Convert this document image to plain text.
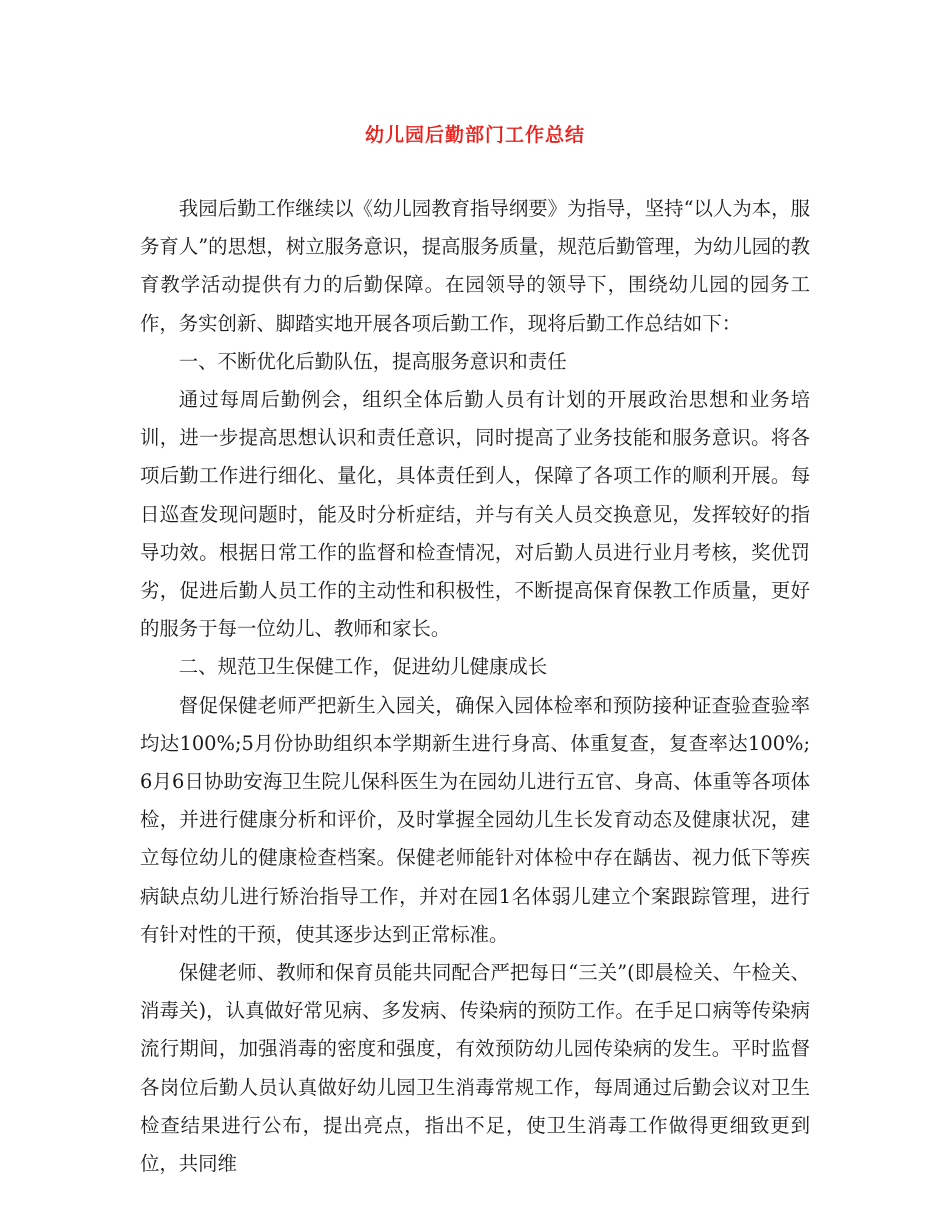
幼儿园后勤部门工作总结

我园后勤工作继续以《幼儿园教育指导纲要》为指导，坚持“以人为本，服务育人”的思想，树立服务意识，提高服务质量，规范后勤管理，为幼儿园的教育教学活动提供有力的后勤保障。在园领导的领导下，围绕幼儿园的园务工作，务实创新、脚踏实地开展各项后勤工作，现将后勤工作总结如下：

一、不断优化后勤队伍，提高服务意识和责任

通过每周后勤例会，组织全体后勤人员有计划的开展政治思想和业务培训，进一步提高思想认识和责任意识，同时提高了业务技能和服务意识。将各项后勤工作进行细化、量化，具体责任到人，保障了各项工作的顺利开展。每日巡查发现问题时，能及时分析症结，并与有关人员交换意见，发挥较好的指导功效。根据日常工作的监督和检查情况，对后勤人员进行业月考核，奖优罚劣，促进后勤人员工作的主动性和积极性，不断提高保育保教工作质量，更好的服务于每一位幼儿、教师和家长。

二、规范卫生保健工作，促进幼儿健康成长

督促保健老师严把新生入园关，确保入园体检率和预防接种证查验查验率均达100%;5月份协助组织本学期新生进行身高、体重复查，复查率达100%;6月6日协助安海卫生院儿保科医生为在园幼儿进行五官、身高、体重等各项体检，并进行健康分析和评价，及时掌握全园幼儿生长发育动态及健康状况，建立每位幼儿的健康检查档案。保健老师能针对体检中存在龋齿、视力低下等疾病缺点幼儿进行矫治指导工作，并对在园1名体弱儿建立个案跟踪管理，进行有针对性的干预，使其逐步达到正常标准。

保健老师、教师和保育员能共同配合严把每日“三关”(即晨检关、午检关、消毒关)，认真做好常见病、多发病、传染病的预防工作。在手足口病等传染病流行期间，加强消毒的密度和强度，有效预防幼儿园传染病的发生。平时监督各岗位后勤人员认真做好幼儿园卫生消毒常规工作，每周通过后勤会议对卫生检查结果进行公布，提出亮点，指出不足，使卫生消毒工作做得更细致更到位，共同维
